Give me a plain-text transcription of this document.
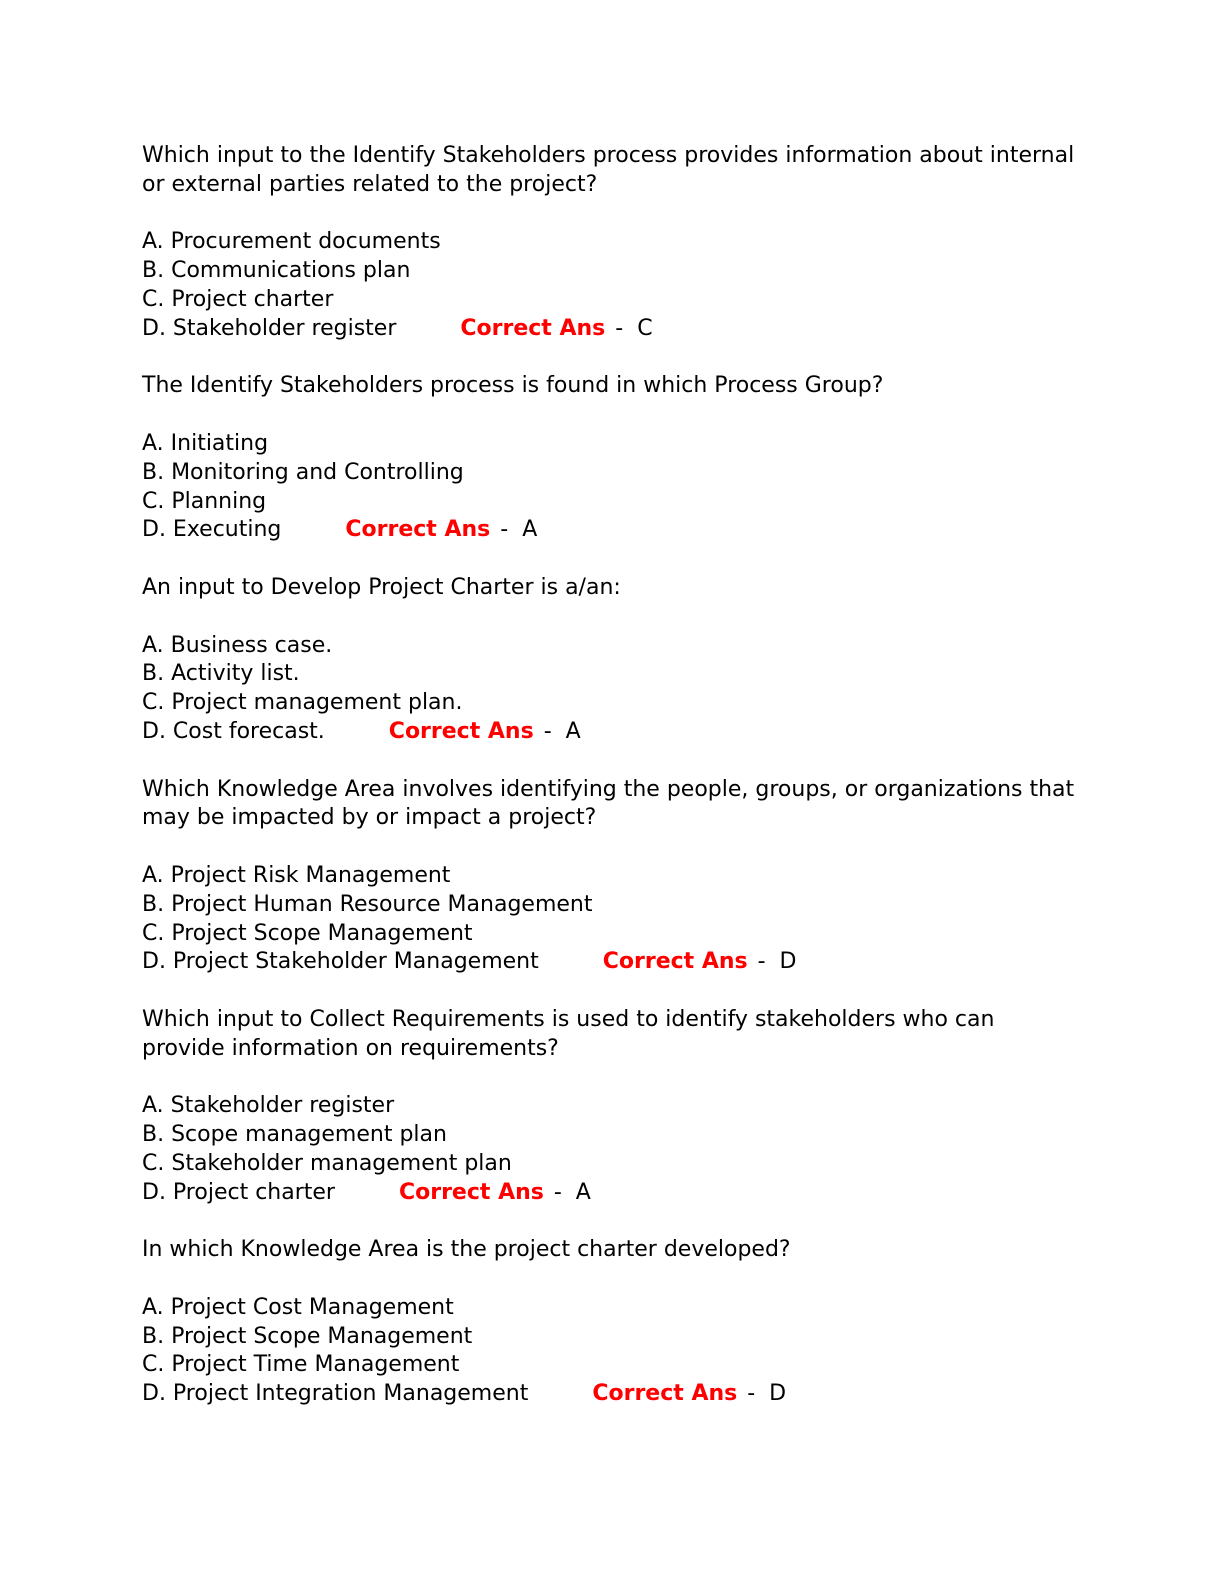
Which input to the Identify Stakeholders process provides information about internal or external parties related to the project?

A. Procurement documents
B. Communications plan
C. Project charter
D. Stakeholder register	Correct Ans -  C

The Identify Stakeholders process is found in which Process Group?

A. Initiating
B. Monitoring and Controlling
C. Planning
D. Executing	Correct Ans -  A

An input to Develop Project Charter is a/an:

A. Business case.
B. Activity list.
C. Project management plan.
D. Cost forecast.	Correct Ans -  A

Which Knowledge Area involves identifying the people, groups, or organizations that may be impacted by or impact a project?

A. Project Risk Management
B. Project Human Resource Management
C. Project Scope Management
D. Project Stakeholder Management	Correct Ans -  D

Which input to Collect Requirements is used to identify stakeholders who can provide information on requirements?

A. Stakeholder register
B. Scope management plan
C. Stakeholder management plan
D. Project charter	Correct Ans -  A

In which Knowledge Area is the project charter developed?

A. Project Cost Management
B. Project Scope Management
C. Project Time Management
D. Project Integration Management	Correct Ans -  D
